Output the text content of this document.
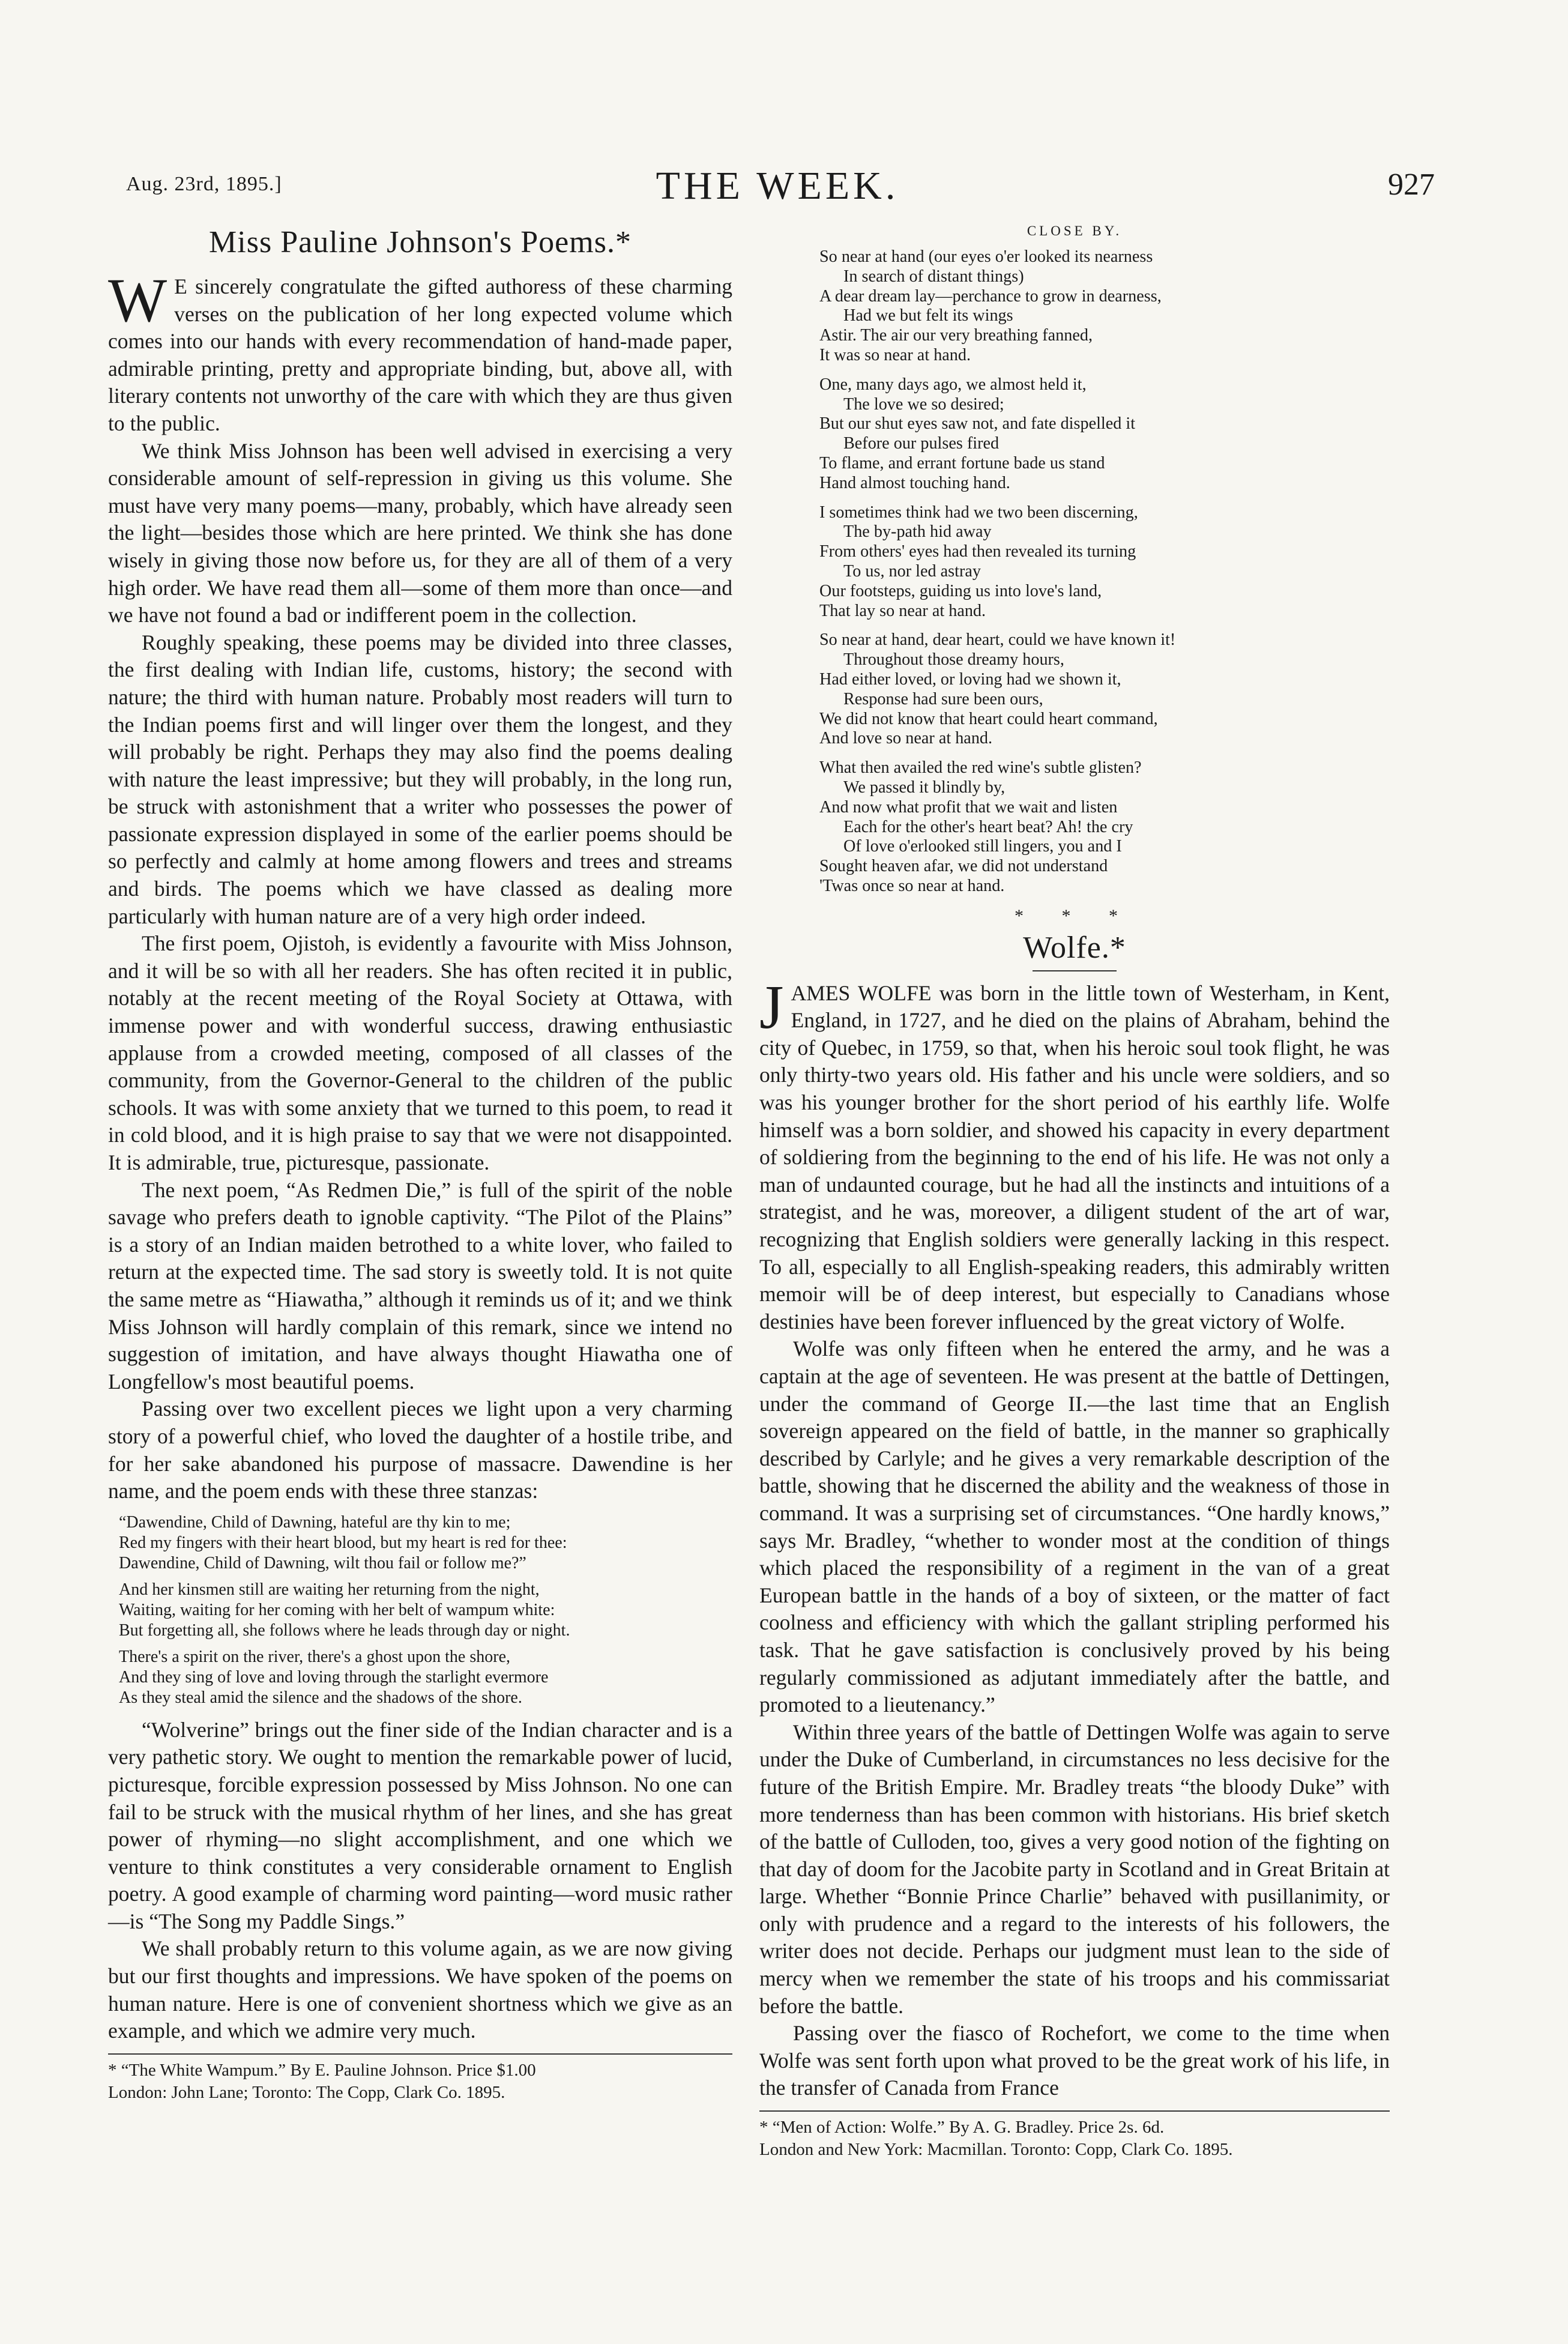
Aug. 23rd, 1895.]	THE WEEK.	927
Miss Pauline Johnson's Poems.*

W E sincerely congratulate the gifted authoress of these charming verses on the publication of her long expected volume which comes into our hands with every recommendation of hand-made paper, admirable printing, pretty and appropriate binding, but, above all, with literary contents not unworthy of the care with which they are thus given to the public.

We think Miss Johnson has been well advised in exercising a very considerable amount of self-repression in giving us this volume. She must have very many poems—many, probably, which have already seen the light—besides those which are here printed. We think she has done wisely in giving those now before us, for they are all of them of a very high order. We have read them all—some of them more than once—and we have not found a bad or indifferent poem in the collection.

Roughly speaking, these poems may be divided into three classes, the first dealing with Indian life, customs, history; the second with nature; the third with human nature. Probably most readers will turn to the Indian poems first and will linger over them the longest, and they will probably be right. Perhaps they may also find the poems dealing with nature the least impressive; but they will probably, in the long run, be struck with astonishment that a writer who possesses the power of passionate expression displayed in some of the earlier poems should be so perfectly and calmly at home among flowers and trees and streams and birds. The poems which we have classed as dealing more particularly with human nature are of a very high order indeed.

The first poem, Ojistoh, is evidently a favourite with Miss Johnson, and it will be so with all her readers. She has often recited it in public, notably at the recent meeting of the Royal Society at Ottawa, with immense power and with wonderful success, drawing enthusiastic applause from a crowded meeting, composed of all classes of the community, from the Governor-General to the children of the public schools. It was with some anxiety that we turned to this poem, to read it in cold blood, and it is high praise to say that we were not disappointed. It is admirable, true, picturesque, passionate.

The next poem, “As Redmen Die,” is full of the spirit of the noble savage who prefers death to ignoble captivity. “The Pilot of the Plains” is a story of an Indian maiden betrothed to a white lover, who failed to return at the expected time. The sad story is sweetly told. It is not quite the same metre as “Hiawatha,” although it reminds us of it; and we think Miss Johnson will hardly complain of this remark, since we intend no suggestion of imitation, and have always thought Hiawatha one of Longfellow's most beautiful poems.

Passing over two excellent pieces we light upon a very charming story of a powerful chief, who loved the daughter of a hostile tribe, and for her sake abandoned his purpose of massacre. Dawendine is her name, and the poem ends with these three stanzas:

“Dawendine, Child of Dawning, hateful are thy kin to me;
Red my fingers with their heart blood, but my heart is red for thee:
Dawendine, Child of Dawning, wilt thou fail or follow me?”
And her kinsmen still are waiting her returning from the night,
Waiting, waiting for her coming with her belt of wampum white:
But forgetting all, she follows where he leads through day or night.
There's a spirit on the river, there's a ghost upon the shore,
And they sing of love and loving through the starlight evermore
As they steal amid the silence and the shadows of the shore.

“Wolverine” brings out the finer side of the Indian character and is a very pathetic story. We ought to mention the remarkable power of lucid, picturesque, forcible expression possessed by Miss Johnson. No one can fail to be struck with the musical rhythm of her lines, and she has great power of rhyming—no slight accomplishment, and one which we venture to think constitutes a very considerable ornament to English poetry. A good example of charming word painting—word music rather—is “The Song my Paddle Sings.”

We shall probably return to this volume again, as we are now giving but our first thoughts and impressions. We have spoken of the poems on human nature. Here is one of convenient shortness which we give as an example, and which we admire very much.

* “The White Wampum.” By E. Pauline Johnson. Price $1.00
London: John Lane; Toronto: The Copp, Clark Co. 1895.
CLOSE BY.
So near at hand (our eyes o'er looked its nearness
In search of distant things)
A dear dream lay—perchance to grow in dearness,
Had we but felt its wings
Astir. The air our very breathing fanned,
It was so near at hand.
One, many days ago, we almost held it,
The love we so desired;
But our shut eyes saw not, and fate dispelled it
Before our pulses fired
To flame, and errant fortune bade us stand
Hand almost touching hand.
I sometimes think had we two been discerning,
The by-path hid away
From others' eyes had then revealed its turning
To us, nor led astray
Our footsteps, guiding us into love's land,
That lay so near at hand.
So near at hand, dear heart, could we have known it!
Throughout those dreamy hours,
Had either loved, or loving had we shown it,
Response had sure been ours,
We did not know that heart could heart command,
And love so near at hand.
What then availed the red wine's subtle glisten?
We passed it blindly by,
And now what profit that we wait and listen
Each for the other's heart beat? Ah! the cry
Of love o'erlooked still lingers, you and I
Sought heaven afar, we did not understand
'Twas once so near at hand.
* * *
Wolfe.*

JAMES WOLFE was born in the little town of Westerham, in Kent, England, in 1727, and he died on the plains of Abraham, behind the city of Quebec, in 1759, so that, when his heroic soul took flight, he was only thirty-two years old. His father and his uncle were soldiers, and so was his younger brother for the short period of his earthly life. Wolfe himself was a born soldier, and showed his capacity in every department of soldiering from the beginning to the end of his life. He was not only a man of undaunted courage, but he had all the instincts and intuitions of a strategist, and he was, moreover, a diligent student of the art of war, recognizing that English soldiers were generally lacking in this respect. To all, especially to all English-speaking readers, this admirably written memoir will be of deep interest, but especially to Canadians whose destinies have been forever influenced by the great victory of Wolfe.

Wolfe was only fifteen when he entered the army, and he was a captain at the age of seventeen. He was present at the battle of Dettingen, under the command of George II.—the last time that an English sovereign appeared on the field of battle, in the manner so graphically described by Carlyle; and he gives a very remarkable description of the battle, showing that he discerned the ability and the weakness of those in command. It was a surprising set of circumstances. “One hardly knows,” says Mr. Bradley, “whether to wonder most at the condition of things which placed the responsibility of a regiment in the van of a great European battle in the hands of a boy of sixteen, or the matter of fact coolness and efficiency with which the gallant stripling performed his task. That he gave satisfaction is conclusively proved by his being regularly commissioned as adjutant immediately after the battle, and promoted to a lieutenancy.”

Within three years of the battle of Dettingen Wolfe was again to serve under the Duke of Cumberland, in circumstances no less decisive for the future of the British Empire. Mr. Bradley treats “the bloody Duke” with more tenderness than has been common with historians. His brief sketch of the battle of Culloden, too, gives a very good notion of the fighting on that day of doom for the Jacobite party in Scotland and in Great Britain at large. Whether “Bonnie Prince Charlie” behaved with pusillanimity, or only with prudence and a regard to the interests of his followers, the writer does not decide. Perhaps our judgment must lean to the side of mercy when we remember the state of his troops and his commissariat before the battle.

Passing over the fiasco of Rochefort, we come to the time when Wolfe was sent forth upon what proved to be the great work of his life, in the transfer of Canada from France

* “Men of Action: Wolfe.” By A. G. Bradley. Price 2s. 6d.
London and New York: Macmillan. Toronto: Copp, Clark Co. 1895.
